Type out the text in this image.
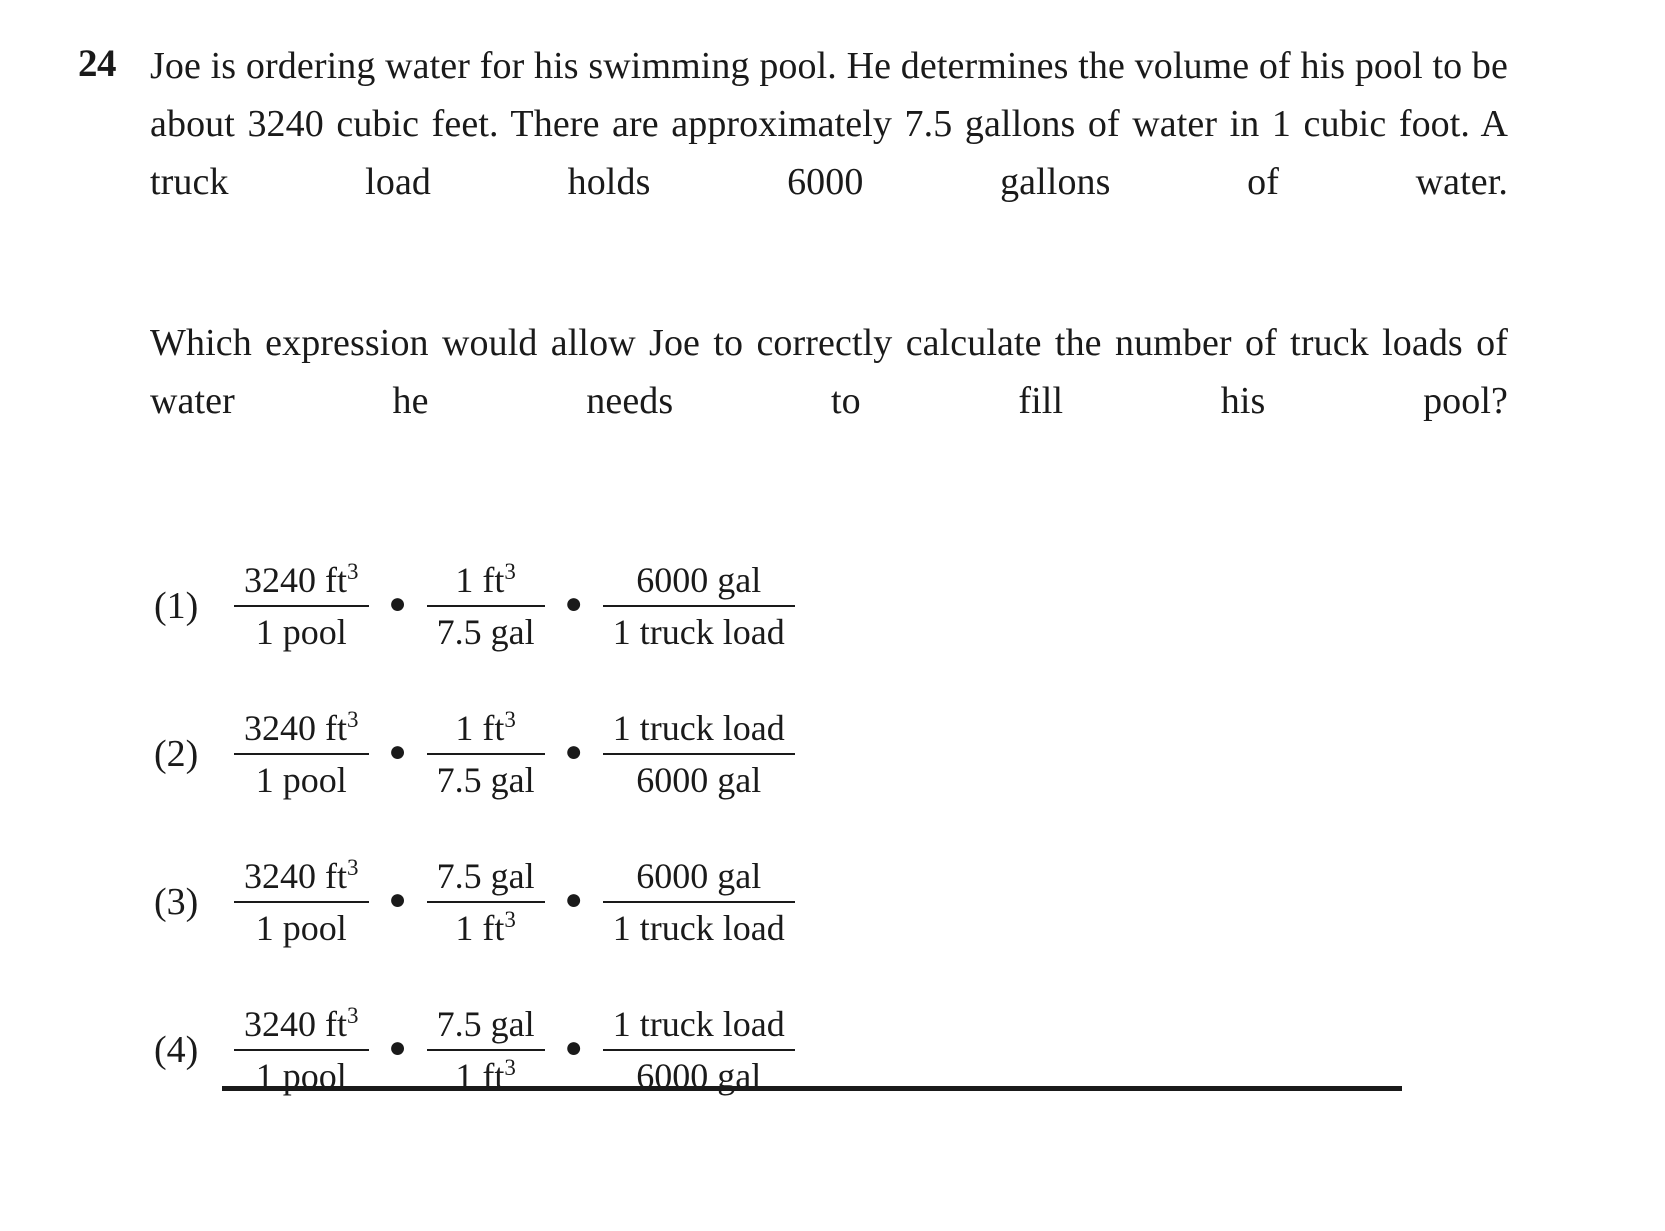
24 Joe is ordering water for his swimming pool. He determines the volume of his pool to be about 3240 cubic feet. There are approximately 7.5 gallons of water in 1 cubic foot. A truck load holds 6000 gallons of water.

Which expression would allow Joe to correctly calculate the number of truck loads of water he needs to fill his pool?

$(1) \frac{3240 ft^3}{\text{1 pool}}$ ● $\frac{1 ft^3}{\text{7.5 gal}}$ ● $\frac{\text{6000 gal}}{\text{1 truck load}}$
$(2) \frac{3240 ft^3}{\text{1 pool}}$ ● $\frac{1 ft^3}{\text{7.5 gal}}$ ● $\frac{\text{1 truck load}}{\text{6000 gal}}$
$(3) \frac{3240 ft^3}{\text{1 pool}}$ ● $\frac{\text{7.5 gal}}{1 ft^3}$ ● $\frac{\text{6000 gal}}{\text{1 truck load}}$
$(4) \frac{3240 ft^3}{\text{1 pool}}$ ● $\frac{\text{7.5 gal}}{1 ft^3}$ ● $\frac{\text{1 truck load}}{\text{6000 gal}}$
